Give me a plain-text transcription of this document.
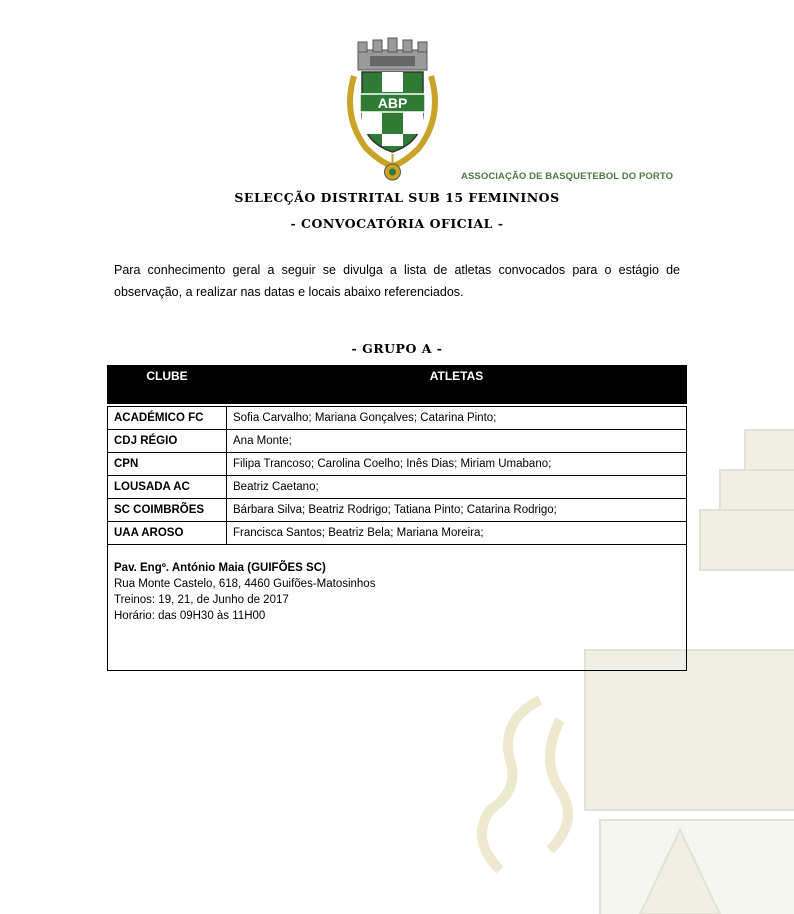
ABP
ASSOCIAÇÃO DE BASQUETEBOL DO PORTO
SELECÇÃO DISTRITAL SUB 15 FEMININOS
- CONVOCATÓRIA OFICIAL -
Para conhecimento geral a seguir se divulga a lista de atletas convocados para o estágio de
observação, a realizar nas datas e locais abaixo referenciados.
- GRUPO A -
CLUBE	ATLETAS

ACADÉMICO FC	Sofia Carvalho; Mariana Gonçalves; Catarina Pinto;
CDJ RÉGIO	Ana Monte;
CPN	Filipa Trancoso; Carolina Coelho; Inês Dias; Miriam Umabano;
LOUSADA AC	Beatriz Caetano;
SC COIMBRÕES	Bárbara Silva; Beatriz Rodrigo; Tatiana Pinto; Catarina Rodrigo;
UAA AROSO	Francisca Santos; Beatriz Bela; Mariana Moreira;

Pav. Engº. António Maia (GUIFÕES SC)
Rua Monte Castelo, 618, 4460 Guifões-Matosinhos
Treinos: 19, 21, de Junho de 2017
Horário: das 09H30 às 11H00	
